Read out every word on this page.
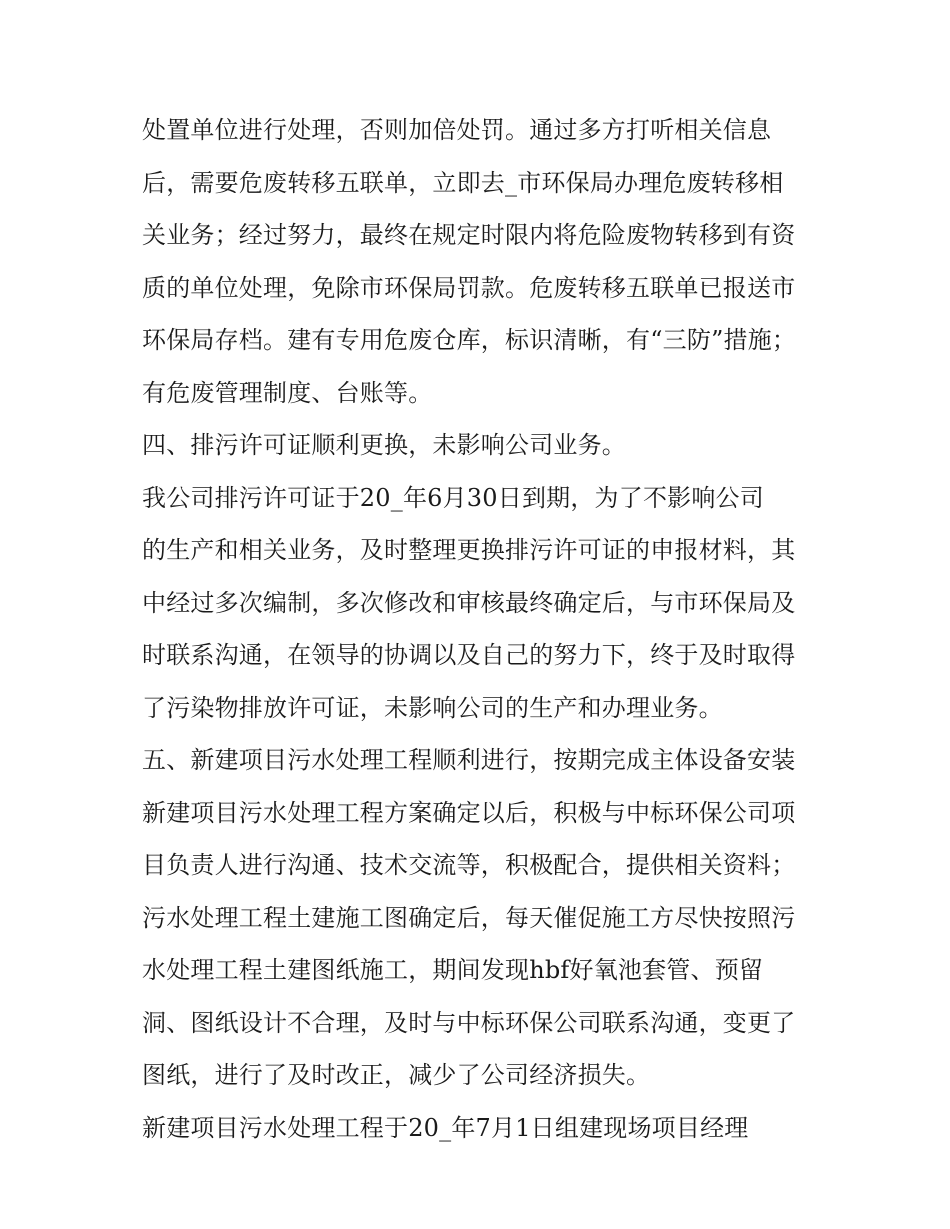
处置单位进行处理，否则加倍处罚。通过多方打听相关信息
后，需要危废转移五联单，立即去_市环保局办理危废转移相
关业务；经过努力，最终在规定时限内将危险废物转移到有资
质的单位处理，免除市环保局罚款。危废转移五联单已报送市
环保局存档。建有专用危废仓库，标识清晰，有“三防”措施；
有危废管理制度、台账等。
四、排污许可证顺利更换，未影响公司业务。
我公司排污许可证于20_年6月30日到期，为了不影响公司
的生产和相关业务，及时整理更换排污许可证的申报材料，其
中经过多次编制，多次修改和审核最终确定后，与市环保局及
时联系沟通，在领导的协调以及自己的努力下，终于及时取得
了污染物排放许可证，未影响公司的生产和办理业务。
五、新建项目污水处理工程顺利进行，按期完成主体设备安装
新建项目污水处理工程方案确定以后，积极与中标环保公司项
目负责人进行沟通、技术交流等，积极配合，提供相关资料；
污水处理工程土建施工图确定后，每天催促施工方尽快按照污
水处理工程土建图纸施工，期间发现hbf好氧池套管、预留
洞、图纸设计不合理，及时与中标环保公司联系沟通，变更了
图纸，进行了及时改正，减少了公司经济损失。
新建项目污水处理工程于20_年7月1日组建现场项目经理
